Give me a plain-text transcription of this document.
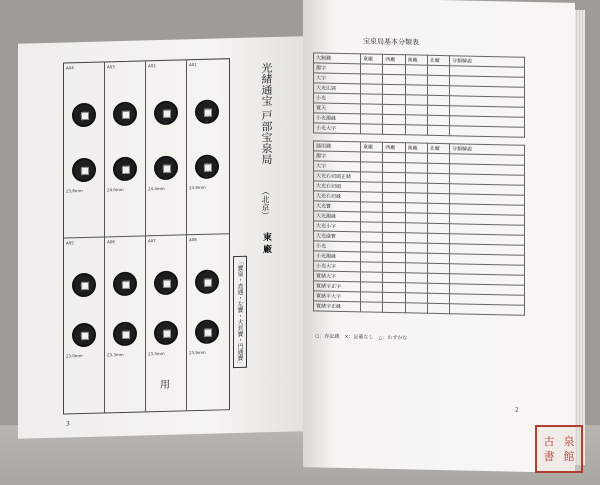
A04
23.6mm
A03
24.0mm
A02
24.4mm
A01
24.9mm
A05
23.0mm
A06
23.3mm
A07
23.5mm
用
A08
23.9mm
光緒通宝 戸部宝泉局
（北京）
東 廠
「寶泉・直通・左寶・大貝寶・円通寶」
3
宝泉局基本分類表
大制錢	東廠	西廠	南廠	北廠	分類解説
濁字					
大字					
大光広郭					
小光					
寛天					
小光濁縁					
小光大字					
通用錢	東廠	西廠	南廠	北廠	分類解説
濁字					
大字					
大光右切頭正緒					
大光右切頭					
大光右切縁					
大光寶					
大光濁縁					
大光小字					
大光進寳					
小光					
小光濁縁					
小光大字					
寛緒大字					
寛緒字正字					
寛緒平大字					
寛緒字正縁					
○：存記錢　×：記載なし　△：わずかな
2
古 泉
書 館
